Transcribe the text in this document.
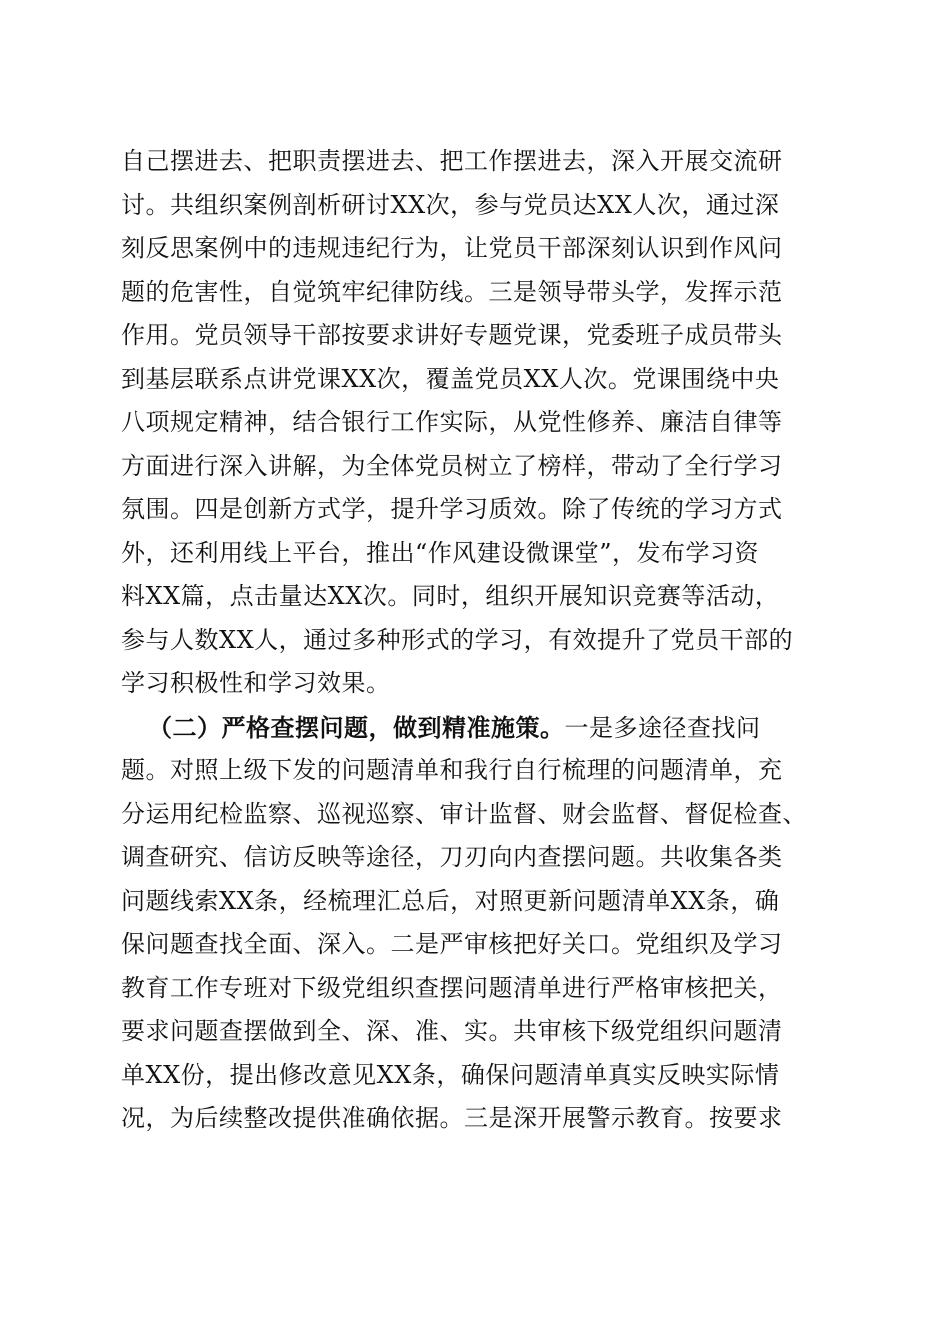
自己摆进去、把职责摆进去、把工作摆进去，深入开展交流研
讨。共组织案例剖析研讨XX次，参与党员达XX人次，通过深
刻反思案例中的违规违纪行为，让党员干部深刻认识到作风问
题的危害性，自觉筑牢纪律防线。三是领导带头学，发挥示范
作用。党员领导干部按要求讲好专题党课，党委班子成员带头
到基层联系点讲党课XX次，覆盖党员XX人次。党课围绕中央
八项规定精神，结合银行工作实际，从党性修养、廉洁自律等
方面进行深入讲解，为全体党员树立了榜样，带动了全行学习
氛围。四是创新方式学，提升学习质效。除了传统的学习方式
外，还利用线上平台，推出“作风建设微课堂”，发布学习资
料XX篇，点击量达XX次。同时，组织开展知识竞赛等活动，
参与人数XX人，通过多种形式的学习，有效提升了党员干部的
学习积极性和学习效果。
（二）严格查摆问题，做到精准施策。一是多途径查找问
题。对照上级下发的问题清单和我行自行梳理的问题清单，充
分运用纪检监察、巡视巡察、审计监督、财会监督、督促检查、
调查研究、信访反映等途径，刀刃向内查摆问题。共收集各类
问题线索XX条，经梳理汇总后，对照更新问题清单XX条，确
保问题查找全面、深入。二是严审核把好关口。党组织及学习
教育工作专班对下级党组织查摆问题清单进行严格审核把关，
要求问题查摆做到全、深、准、实。共审核下级党组织问题清
单XX份，提出修改意见XX条，确保问题清单真实反映实际情
况，为后续整改提供准确依据。三是深开展警示教育。按要求
